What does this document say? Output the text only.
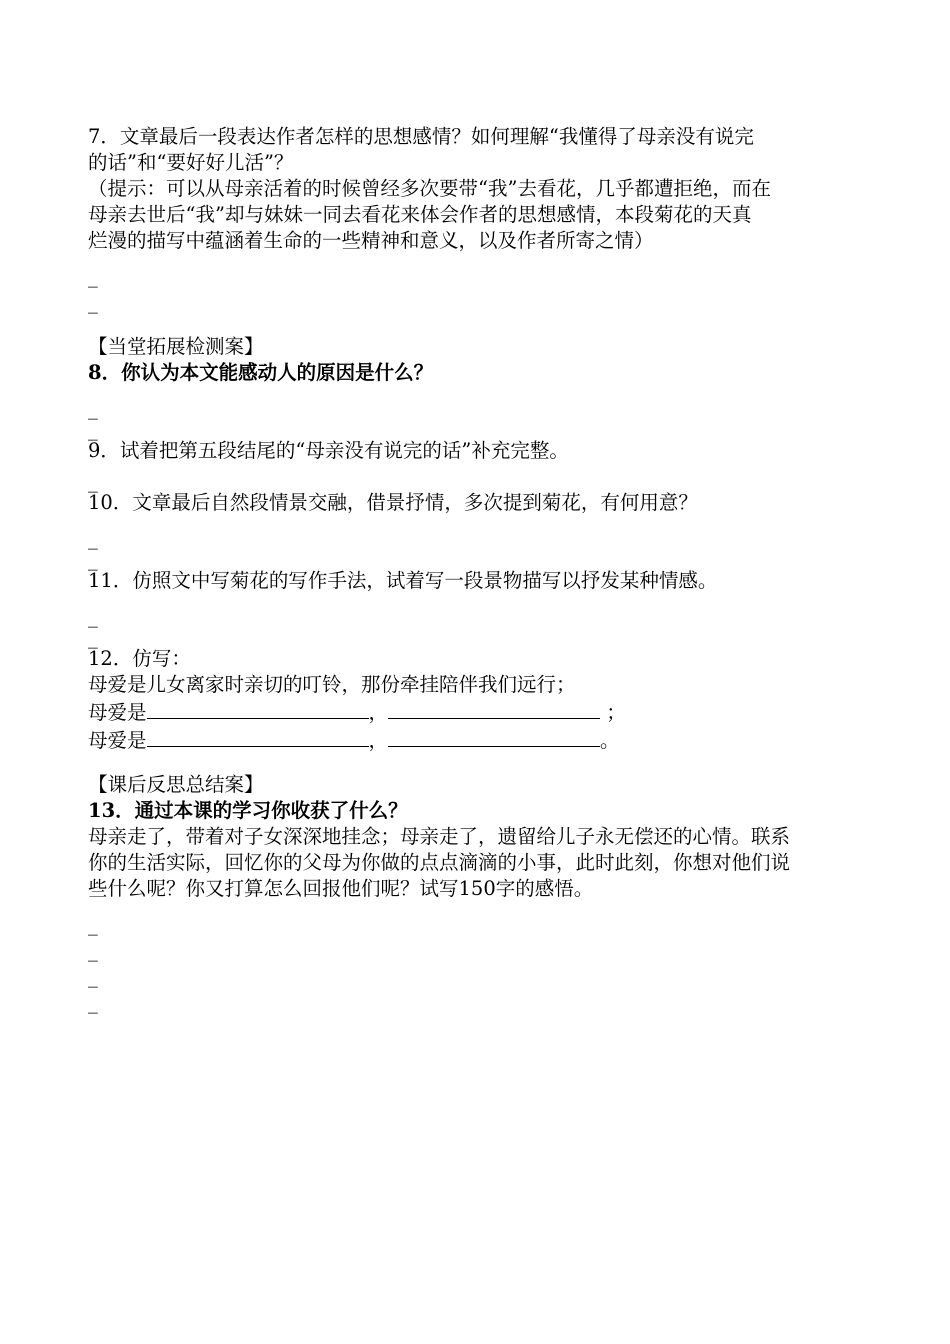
7．文章最后一段表达作者怎样的思想感情？如何理解“我懂得了母亲没有说完
的话”和“要好好儿活”？
（提示：可以从母亲活着的时候曾经多次要带“我”去看花，几乎都遭拒绝，而在
母亲去世后“我”却与妹妹一同去看花来体会作者的思想感情，本段菊花的天真
烂漫的描写中蕴涵着生命的一些精神和意义，以及作者所寄之情）
_
_
【当堂拓展检测案】
8．你认为本文能感动人的原因是什么？
_
_
9．试着把第五段结尾的“母亲没有说完的话”补充完整。
_
10．文章最后自然段情景交融，借景抒情，多次提到菊花，有何用意？
_
_
11．仿照文中写菊花的写作手法，试着写一段景物描写以抒发某种情感。
_
_
12．仿写：
母爱是儿女离家时亲切的叮铃，那份牵挂陪伴我们远行；
母爱是	，	；
母爱是	，	。
【课后反思总结案】
13．通过本课的学习你收获了什么？
母亲走了，带着对子女深深地挂念；母亲走了，遗留给儿子永无偿还的心情。联系
你的生活实际，回忆你的父母为你做的点点滴滴的小事，此时此刻，你想对他们说
些什么呢？你又打算怎么回报他们呢？试写150字的感悟。
_
_
_
_
